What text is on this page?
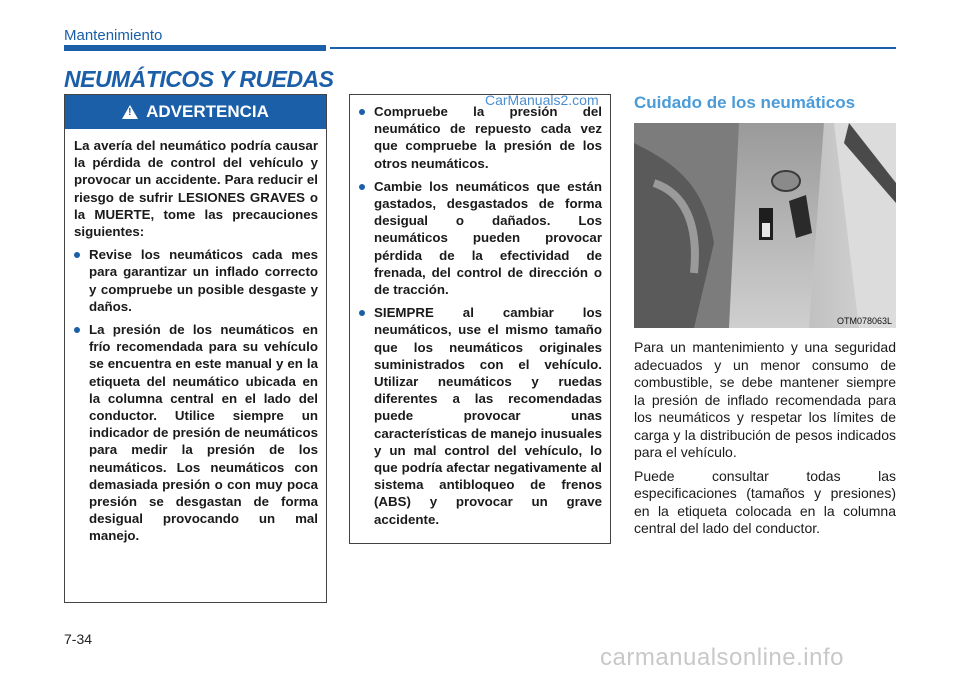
Mantenimiento
NEUMÁTICOS Y RUEDAS
! ADVERTENCIA

La avería del neumático podría causar la pérdida de control del vehículo y provocar un accidente. Para reducir el riesgo de sufrir LESIONES GRAVES o la MUERTE, tome las precauciones siguientes:

Revise los neumáticos cada mes para garantizar un inflado correcto y compruebe un posible desgaste y daños.
La presión de los neumáticos en frío recomendada para su vehículo se encuentra en este manual y en la etiqueta del neumático ubicada en la columna central en el lado del conductor. Utilice siempre un indicador de presión de neumáticos para medir la presión de los neumáticos. Los neumáticos con demasiada presión o con muy poca presión se desgastan de forma desigual provocando un mal manejo.
Compruebe la presión del neumático de repuesto cada vez que compruebe la presión de los otros neumáticos.
Cambie los neumáticos que están gastados, desgastados de forma desigual o dañados. Los neumáticos pueden provocar pérdida de la efectividad de frenada, del control de dirección o de tracción.
SIEMPRE al cambiar los neumáticos, use el mismo tamaño que los neumáticos originales suministrados con el vehículo. Utilizar neumáticos y ruedas diferentes a las recomendadas puede provocar unas características de manejo inusuales y un mal control del vehículo, lo que podría afectar negativamente al sistema antibloqueo de frenos (ABS) y provocar un grave accidente.
CarManuals2.com Cuidado de los neumáticos
OTM078063L

Para un mantenimiento y una seguridad adecuados y un menor consumo de combustible, se debe mantener siempre la presión de inflado recomendada para los neumáticos y respetar los límites de carga y la distribución de pesos indicados para el vehículo.

Puede consultar todas las especificaciones (tamaños y presiones) en la etiqueta colocada en la columna central del lado del conductor.

7-34
carmanualsonline.info
